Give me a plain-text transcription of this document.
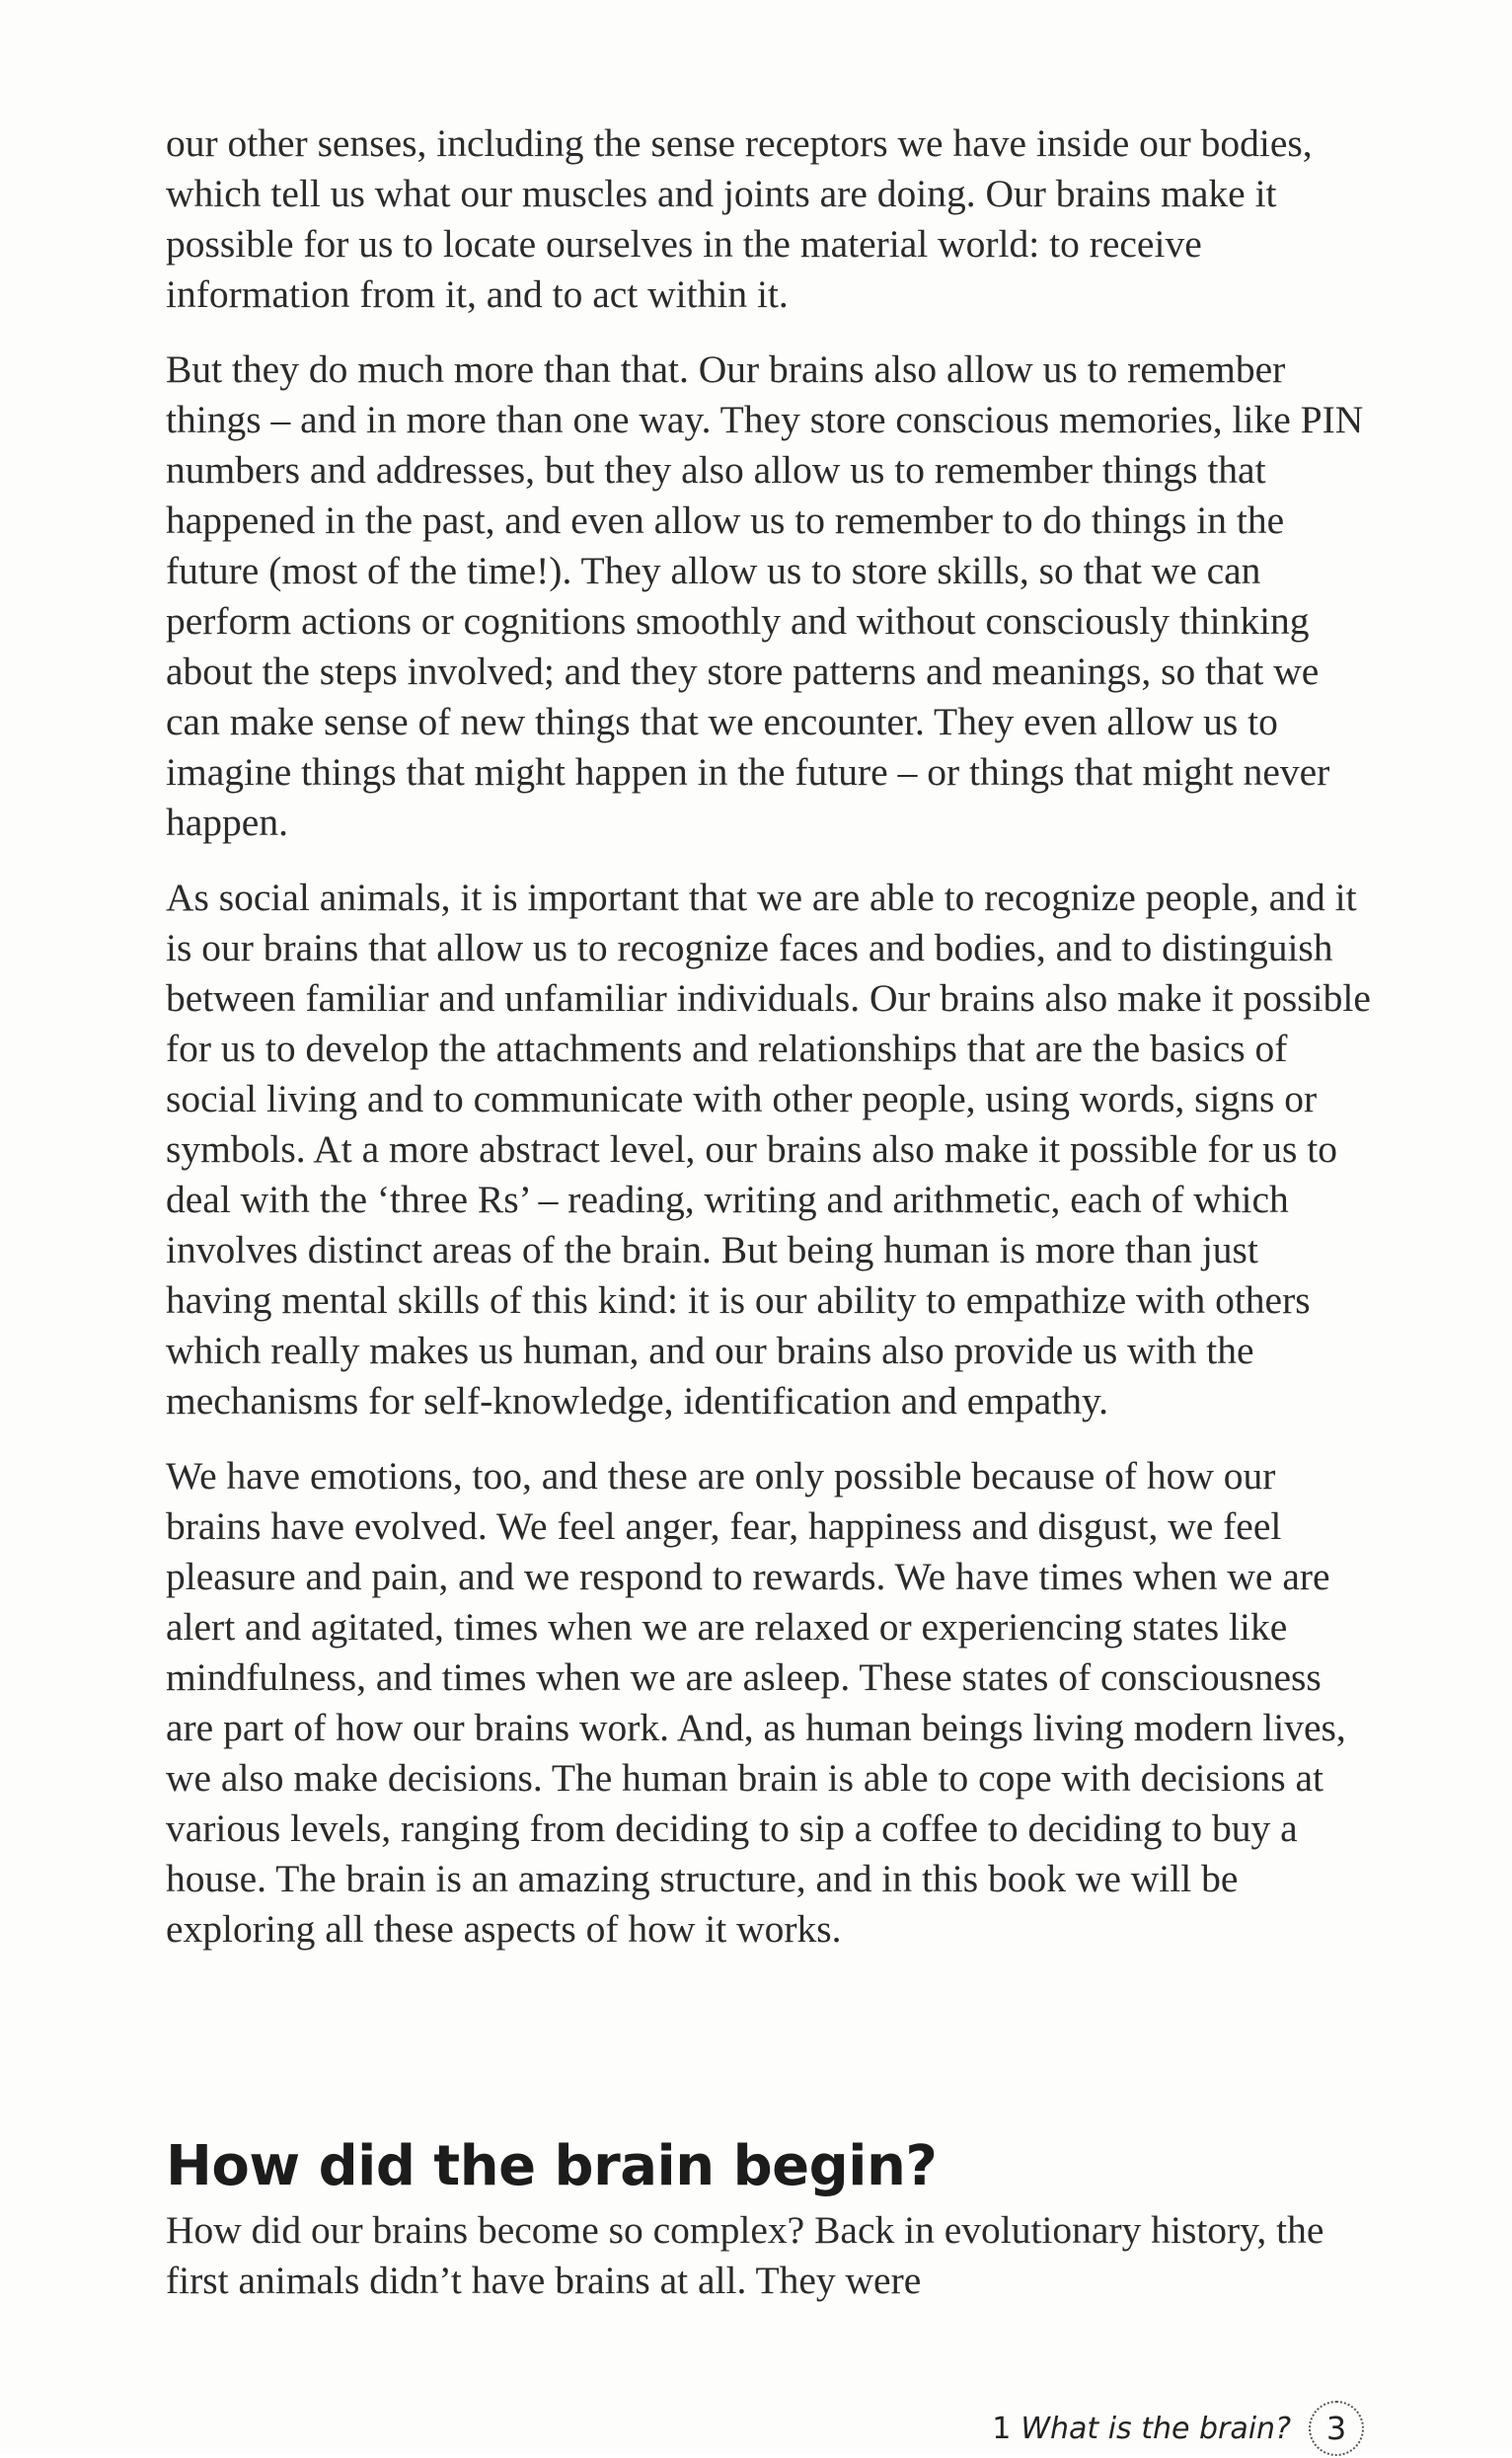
our other senses, including the sense receptors we have inside our bodies, which tell us what our muscles and joints are doing. Our brains make it possible for us to locate ourselves in the material world: to receive information from it, and to act within it.

But they do much more than that. Our brains also allow us to remember things – and in more than one way. They store conscious memories, like PIN numbers and addresses, but they also allow us to remember things that happened in the past, and even allow us to remember to do things in the future (most of the time!). They allow us to store skills, so that we can perform actions or cognitions smoothly and without consciously thinking about the steps involved; and they store patterns and meanings, so that we can make sense of new things that we encounter. They even allow us to imagine things that might happen in the future – or things that might never happen.

As social animals, it is important that we are able to recognize people, and it is our brains that allow us to recognize faces and bodies, and to distinguish between familiar and unfamiliar individuals. Our brains also make it possible for us to develop the attachments and relationships that are the basics of social living and to communicate with other people, using words, signs or symbols. At a more abstract level, our brains also make it possible for us to deal with the ‘three Rs’ – reading, writing and arithmetic, each of which involves distinct areas of the brain. But being human is more than just having mental skills of this kind: it is our ability to empathize with others which really makes us human, and our brains also provide us with the mechanisms for self-knowledge, identification and empathy.

We have emotions, too, and these are only possible because of how our brains have evolved. We feel anger, fear, happiness and disgust, we feel pleasure and pain, and we respond to rewards. We have times when we are alert and agitated, times when we are relaxed or experiencing states like mindfulness, and times when we are asleep. These states of consciousness are part of how our brains work. And, as human beings living modern lives, we also make decisions. The human brain is able to cope with decisions at various levels, ranging from deciding to sip a coffee to deciding to buy a house. The brain is an amazing structure, and in this book we will be exploring all these aspects of how it works.

How did the brain begin?

How did our brains become so complex? Back in evolutionary history, the first animals didn’t have brains at all. They were

1 What is the brain?	3
